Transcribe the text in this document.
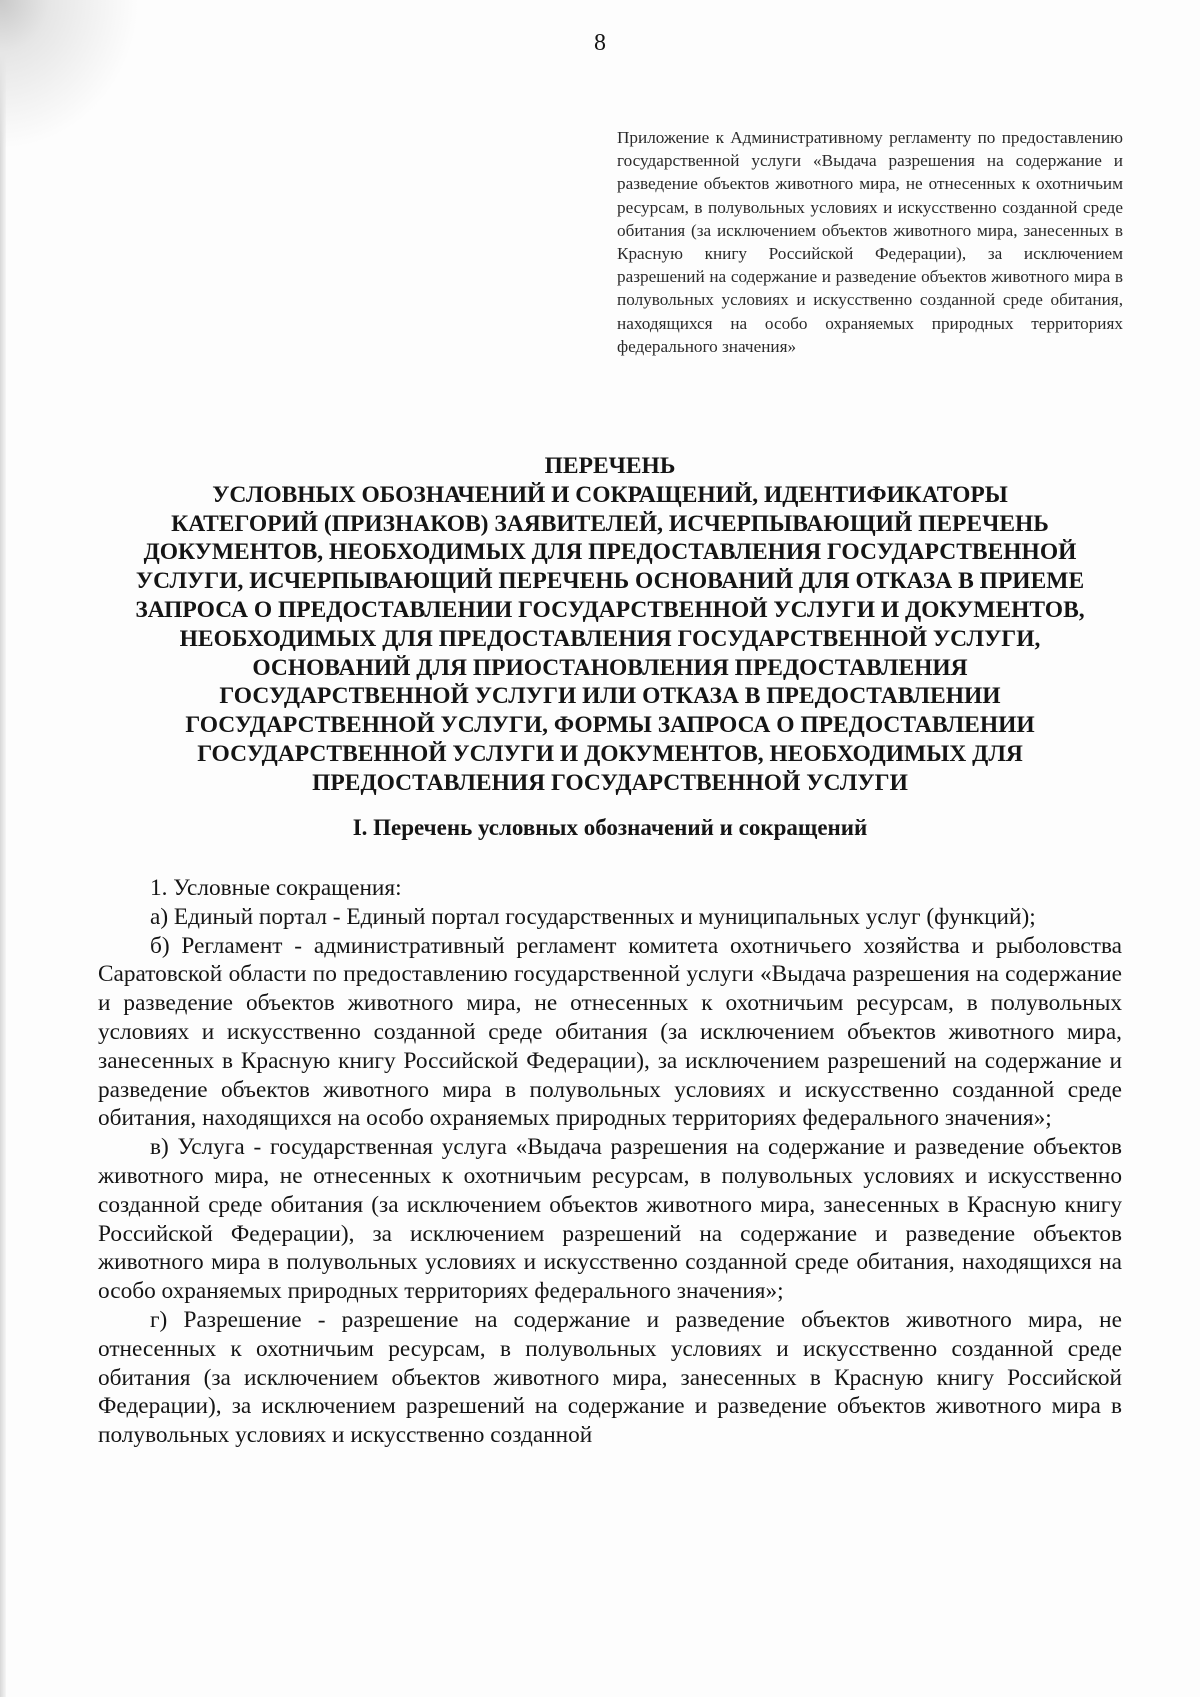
8
Приложение к Административному регламенту по предоставлению государственной услуги «Выдача разрешения на содержание и разведение объектов животного мира, не отнесенных к охотничьим ресурсам, в полувольных условиях и искусственно созданной среде обитания (за исключением объектов животного мира, занесенных в Красную книгу Российской Федерации), за исключением разрешений на содержание и разведение объектов животного мира в полувольных условиях и искусственно созданной среде обитания, находящихся на особо охраняемых природных территориях федерального значения»
ПЕРЕЧЕНЬ
УСЛОВНЫХ ОБОЗНАЧЕНИЙ И СОКРАЩЕНИЙ, ИДЕНТИФИКАТОРЫ
КАТЕГОРИЙ (ПРИЗНАКОВ) ЗАЯВИТЕЛЕЙ, ИСЧЕРПЫВАЮЩИЙ ПЕРЕЧЕНЬ
ДОКУМЕНТОВ, НЕОБХОДИМЫХ ДЛЯ ПРЕДОСТАВЛЕНИЯ ГОСУДАРСТВЕННОЙ
УСЛУГИ, ИСЧЕРПЫВАЮЩИЙ ПЕРЕЧЕНЬ ОСНОВАНИЙ ДЛЯ ОТКАЗА В ПРИЕМЕ
ЗАПРОСА О ПРЕДОСТАВЛЕНИИ ГОСУДАРСТВЕННОЙ УСЛУГИ И ДОКУМЕНТОВ,
НЕОБХОДИМЫХ ДЛЯ ПРЕДОСТАВЛЕНИЯ ГОСУДАРСТВЕННОЙ УСЛУГИ,
ОСНОВАНИЙ ДЛЯ ПРИОСТАНОВЛЕНИЯ ПРЕДОСТАВЛЕНИЯ
ГОСУДАРСТВЕННОЙ УСЛУГИ ИЛИ ОТКАЗА В ПРЕДОСТАВЛЕНИИ
ГОСУДАРСТВЕННОЙ УСЛУГИ, ФОРМЫ ЗАПРОСА О ПРЕДОСТАВЛЕНИИ
ГОСУДАРСТВЕННОЙ УСЛУГИ И ДОКУМЕНТОВ, НЕОБХОДИМЫХ ДЛЯ
ПРЕДОСТАВЛЕНИЯ ГОСУДАРСТВЕННОЙ УСЛУГИ
I. Перечень условных обозначений и сокращений

1. Условные сокращения:

а) Единый портал - Единый портал государственных и муниципальных услуг (функций);

б) Регламент - административный регламент комитета охотничьего хозяйства и рыболовства Саратовской области по предоставлению государственной услуги «Выдача разрешения на содержание и разведение объектов животного мира, не отнесенных к охотничьим ресурсам, в полувольных условиях и искусственно созданной среде обитания (за исключением объектов животного мира, занесенных в Красную книгу Российской Федерации), за исключением разрешений на содержание и разведение объектов животного мира в полувольных условиях и искусственно созданной среде обитания, находящихся на особо охраняемых природных территориях федерального значения»;

в) Услуга - государственная услуга «Выдача разрешения на содержание и разведение объектов животного мира, не отнесенных к охотничьим ресурсам, в полувольных условиях и искусственно созданной среде обитания (за исключением объектов животного мира, занесенных в Красную книгу Российской Федерации), за исключением разрешений на содержание и разведение объектов животного мира в полувольных условиях и искусственно созданной среде обитания, находящихся на особо охраняемых природных территориях федерального значения»;

г) Разрешение - разрешение на содержание и разведение объектов животного мира, не отнесенных к охотничьим ресурсам, в полувольных условиях и искусственно созданной среде обитания (за исключением объектов животного мира, занесенных в Красную книгу Российской Федерации), за исключением разрешений на содержание и разведение объектов животного мира в полувольных условиях и искусственно созданной
